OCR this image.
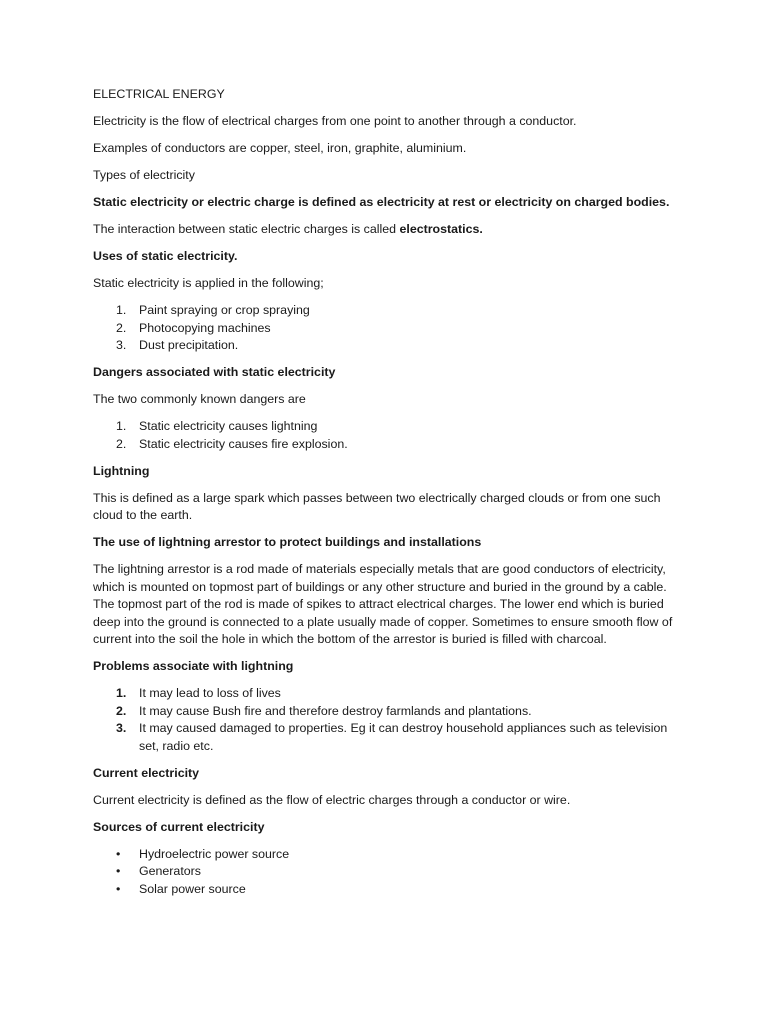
ELECTRICAL ENERGY

Electricity is the flow of electrical charges from one point to another through a conductor.

Examples of conductors are copper, steel, iron, graphite, aluminium.

Types of electricity

Static electricity or electric charge is defined as electricity at rest or electricity on charged bodies.

The interaction between static electric charges is called electrostatics.

Uses of static electricity.

Static electricity is applied in the following;

1. Paint spraying or crop spraying
2. Photocopying machines
3. Dust precipitation.

Dangers associated with static electricity

The two commonly known dangers are

1. Static electricity causes lightning
2. Static electricity causes fire explosion.

Lightning

This is defined as a large spark which passes between two electrically charged clouds or from one such cloud to the earth.

The use of lightning arrestor to protect buildings and installations

The lightning arrestor is a rod made of materials especially metals that are good conductors of electricity, which is mounted on topmost part of buildings or any other structure and buried in the ground by a cable. The topmost part of the rod is made of spikes to attract electrical charges. The lower end which is buried deep into the ground is connected to a plate usually made of copper. Sometimes to ensure smooth flow of current into the soil the hole in which the bottom of the arrestor is buried is filled with charcoal.

Problems associate with lightning

1. It may lead to loss of lives
2. It may cause Bush fire and therefore destroy farmlands and plantations.
3. It may caused damaged to properties. Eg it can destroy household appliances such as television set, radio etc.

Current electricity

Current electricity is defined as the flow of electric charges through a conductor or wire.

Sources of current electricity

• Hydroelectric power source
• Generators
• Solar power source
